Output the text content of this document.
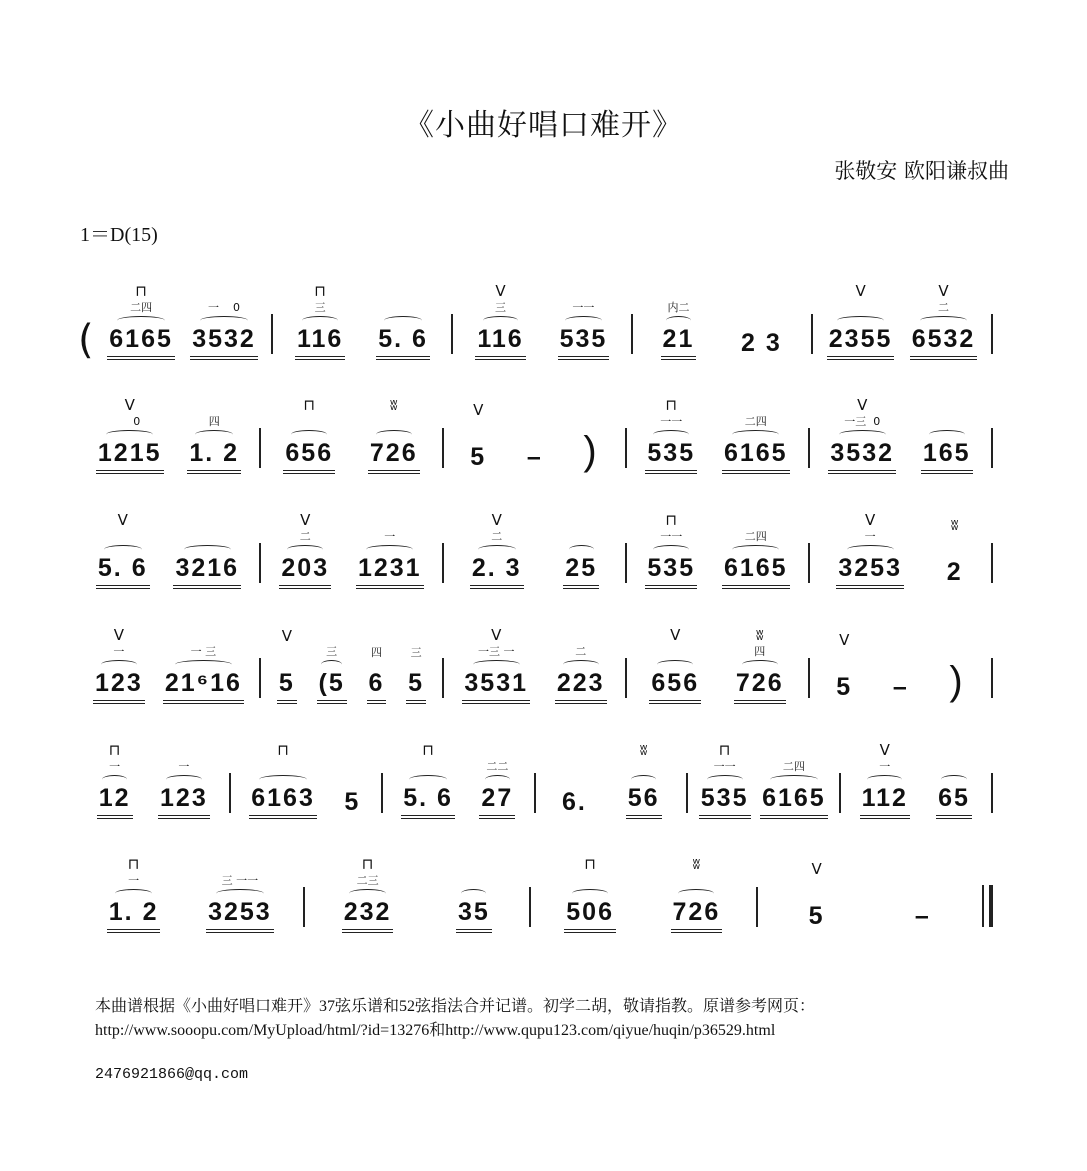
《小曲好唱口难开》
张敬安 欧阳谦叔曲
1＝D(15)
(
⊓
二四
6165
一    0
3532
⊓
三
116 5. 6
V
三
116
一一
535
内二
21 2 3
V
2355
V
二
6532
V
0
1215
四
1. 2
⊓
656
ʬ
726
V
5 – )
⊓
一一
535
二四
6165
V
一三  0
3532 165
V
5. 6 3216
V
二
203
一
1231
V
二
2. 3 25
⊓
一一
535
二四
6165
V
一
3253
ʬ
2
V
一
123
一 三
21⁶16
V
5
三
(5
四
6
三
5
V
一三 一
3531
二
223
V
656
ʬ
四
726
V
5 – )
⊓
一
12
一
123
⊓
6163 5
⊓
5. 6
二二
27 6.
ʬ
56
⊓
一一
535
二四
6165
V
一
112 65
⊓
一
1. 2
三 一一
3253
⊓
二三
232	35
⊓
506
ʬ
726
V
5	–
本曲谱根据《小曲好唱口难开》37弦乐谱和52弦指法合并记谱。初学二胡，敬请指教。原谱参考网页：
http://www.sooopu.com/MyUpload/html/?id=13276和http://www.qupu123.com/qiyue/huqin/p36529.html
2476921866@qq.com
